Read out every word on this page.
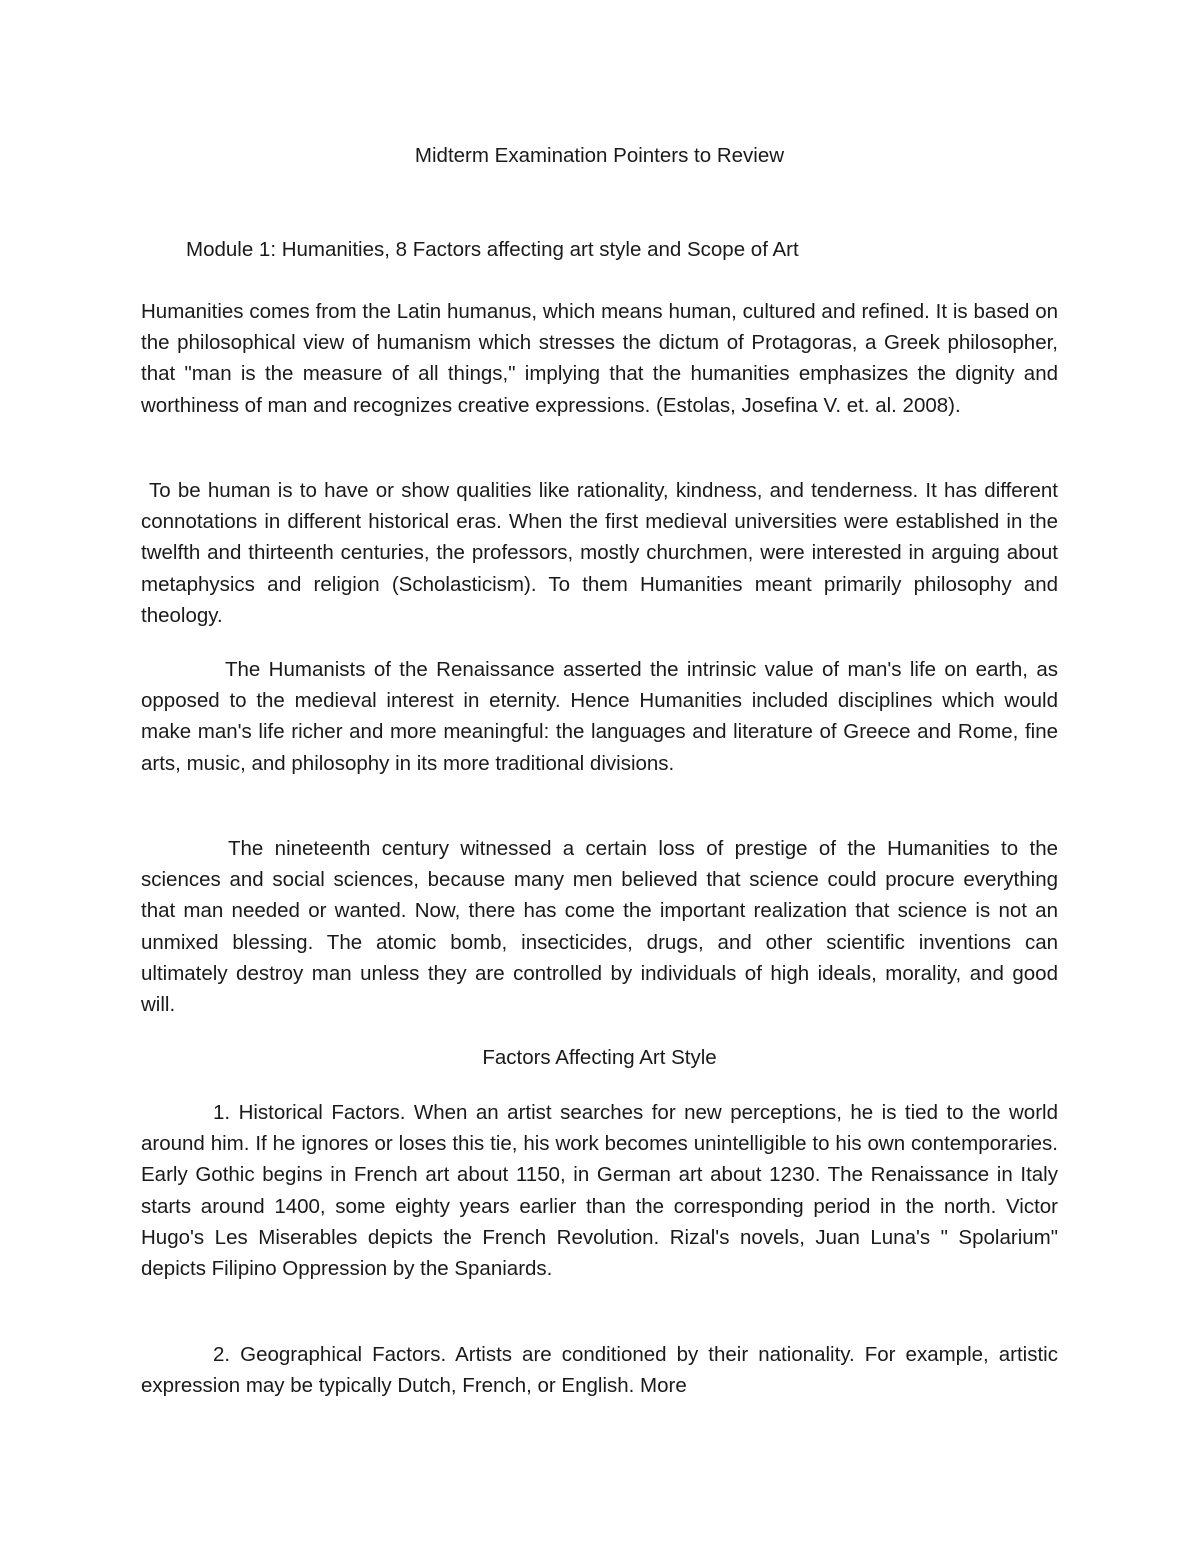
Midterm Examination Pointers to Review
Module 1: Humanities, 8 Factors affecting art style and Scope of Art

Humanities comes from the Latin humanus, which means human, cultured and refined. It is based on the philosophical view of humanism which stresses the dictum of Protagoras, a Greek philosopher, that "man is the measure of all things," implying that the humanities emphasizes the dignity and worthiness of man and recognizes creative expressions. (Estolas, Josefina V. et. al. 2008).

To be human is to have or show qualities like rationality, kindness, and tenderness. It has different connotations in different historical eras. When the first medieval universities were established in the twelfth and thirteenth centuries, the professors, mostly churchmen, were interested in arguing about metaphysics and religion (Scholasticism). To them Humanities meant primarily philosophy and theology.

The Humanists of the Renaissance asserted the intrinsic value of man's life on earth, as opposed to the medieval interest in eternity. Hence Humanities included disciplines which would make man's life richer and more meaningful: the languages and literature of Greece and Rome, fine arts, music, and philosophy in its more traditional divisions.

The nineteenth century witnessed a certain loss of prestige of the Humanities to the sciences and social sciences, because many men believed that science could procure everything that man needed or wanted. Now, there has come the important realization that science is not an unmixed blessing. The atomic bomb, insecticides, drugs, and other scientific inventions can ultimately destroy man unless they are controlled by individuals of high ideals, morality, and good will.

Factors Affecting Art Style

1. Historical Factors. When an artist searches for new perceptions, he is tied to the world around him. If he ignores or loses this tie, his work becomes unintelligible to his own contemporaries. Early Gothic begins in French art about 1150, in German art about 1230. The Renaissance in Italy starts around 1400, some eighty years earlier than the corresponding period in the north. Victor Hugo's Les Miserables depicts the French Revolution. Rizal's novels, Juan Luna's " Spolarium" depicts Filipino Oppression by the Spaniards.

2. Geographical Factors. Artists are conditioned by their nationality. For example, artistic expression may be typically Dutch, French, or English. More
